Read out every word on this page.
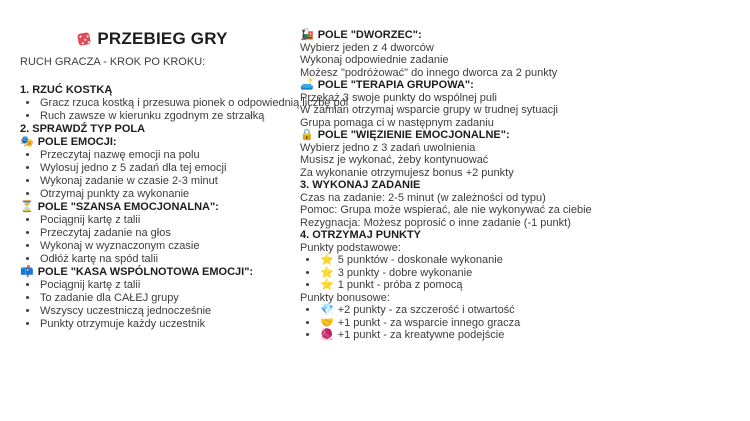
PRZEBIEG GRY
RUCH GRACZA - KROK PO KROKU:
1. RZUĆ KOSTKĄ
• Gracz rzuca kostką i przesuwa pionek o odpowiednią liczbę pól
• Ruch zawsze w kierunku zgodnym ze strzałką
2. SPRAWDŹ TYP POLA
🎭 POLE EMOCJI:
• Przeczytaj nazwę emocji na polu
• Wylosuj jedno z 5 zadań dla tej emocji
• Wykonaj zadanie w czasie 2-3 minut
• Otrzymaj punkty za wykonanie
⏳ POLE "SZANSA EMOCJONALNA":
• Pociągnij kartę z talii
• Przeczytaj zadanie na głos
• Wykonaj w wyznaczonym czasie
• Odłóż kartę na spód talii
📫 POLE "KASA WSPÓLNOTOWA EMOCJI":
• Pociągnij kartę z talii
• To zadanie dla CAŁEJ grupy
• Wszyscy uczestniczą jednocześnie
• Punkty otrzymuje każdy uczestnik
🚂 POLE "DWORZEC":
Wybierz jeden z 4 dworców
Wykonaj odpowiednie zadanie
Możesz "podróżować" do innego dworca za 2 punkty
🛋️ POLE "TERAPIA GRUPOWA":
Przekaż 3 swoje punkty do wspólnej puli
W zamian otrzymaj wsparcie grupy w trudnej sytuacji
Grupa pomaga ci w następnym zadaniu
🔒 POLE "WIĘZIENIE EMOCJONALNE":
Wybierz jedno z 3 zadań uwolnienia
Musisz je wykonać, żeby kontynuować
Za wykonanie otrzymujesz bonus +2 punkty
3. WYKONAJ ZADANIE
Czas na zadanie: 2-5 minut (w zależności od typu)
Pomoc: Grupa może wspierać, ale nie wykonywać za ciebie
Rezygnacja: Możesz poprosić o inne zadanie (-1 punkt)
4. OTRZYMAJ PUNKTY
Punkty podstawowe:
• ⭐ 5 punktów - doskonałe wykonanie
• ⭐ 3 punkty - dobre wykonanie
• ⭐ 1 punkt - próba z pomocą
Punkty bonusowe:
• 💎 +2 punkty - za szczerość i otwartość
• 🤝 +1 punkt - za wsparcie innego gracza
• 🧶 +1 punkt - za kreatywne podejście
